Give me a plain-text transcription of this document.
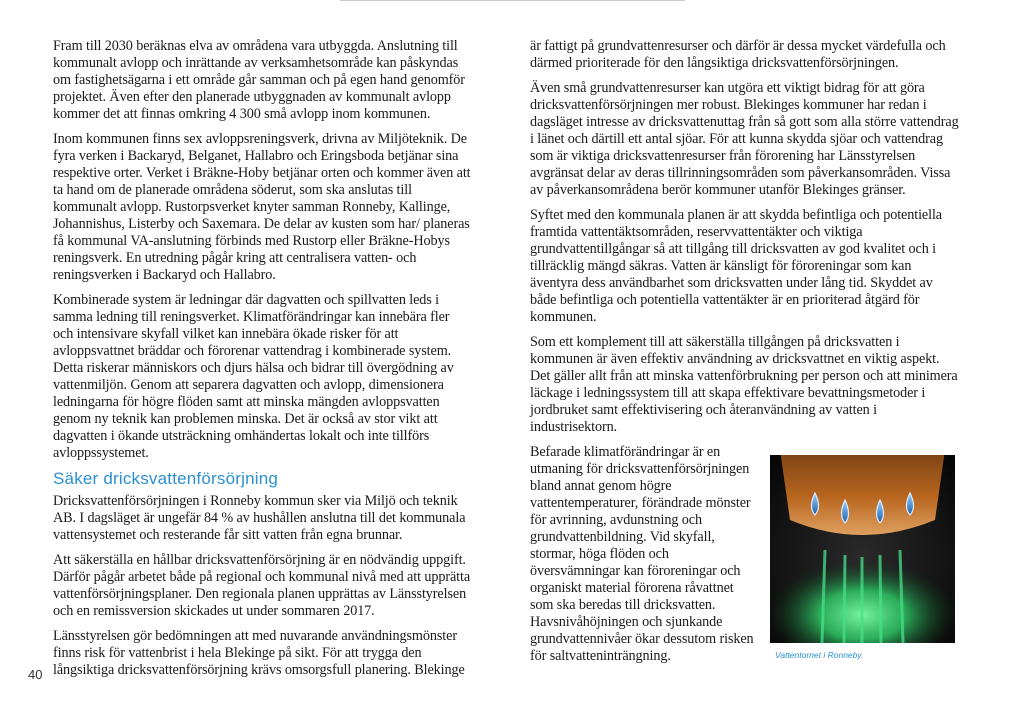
Fram till 2030 beräknas elva av områdena vara utbyggda. Anslutning till kommunalt avlopp och inrättande av verksamhetsområde kan påskyndas om fastighetsägarna i ett område går samman och på egen hand genomför projektet. Även efter den planerade utbyggnaden av kommunalt avlopp kommer det att finnas omkring 4 300 små avlopp inom kommunen.

Inom kommunen finns sex avloppsreningsverk, drivna av Miljöteknik. De fyra verken i Backaryd, Belganet, Hallabro och Eringsboda betjänar sina respektive orter. Verket i Bräkne-Hoby betjänar orten och kommer även att ta hand om de planerade områdena söderut, som ska anslutas till kommunalt avlopp. Rustorpsverket knyter samman Ronneby, Kallinge, Johannishus, Listerby och Saxemara. De delar av kusten som har/ planeras få kommunal VA-anslutning förbinds med Rustorp eller Bräkne-Hobys reningsverk. En utredning pågår kring att centralisera vatten- och reningsverken i Backaryd och Hallabro.

Kombinerade system är ledningar där dagvatten och spillvatten leds i samma ledning till reningsverket. Klimatförändringar kan innebära fler och intensivare skyfall vilket kan innebära ökade risker för att avloppsvattnet bräddar och förorenar vattendrag i kombinerade system. Detta riskerar människors och djurs hälsa och bidrar till övergödning av vattenmiljön. Genom att separera dagvatten och avlopp, dimensionera ledningarna för högre flöden samt att minska mängden avloppsvatten genom ny teknik kan problemen minska. Det är också av stor vikt att dagvatten i ökande utsträckning omhändertas lokalt och inte tillförs avloppssystemet.

Säker dricksvattenförsörjning

Dricksvattenförsörjningen i Ronneby kommun sker via Miljö och teknik AB. I dagsläget är ungefär 84 % av hushållen anslutna till det kommunala vattensystemet och resterande får sitt vatten från egna brunnar.

Att säkerställa en hållbar dricksvattenförsörjning är en nödvändig uppgift. Därför pågår arbetet både på regional och kommunal nivå med att upprätta vattenförsörjningsplaner. Den regionala planen upprättas av Länsstyrelsen och en remissversion skickades ut under sommaren 2017.

Länsstyrelsen gör bedömningen att med nuvarande användningsmönster finns risk för vattenbrist i hela Blekinge på sikt. För att trygga den långsiktiga dricksvattenförsörjning krävs omsorgsfull planering. Blekinge

är fattigt på grundvattenresurser och därför är dessa mycket värdefulla och därmed prioriterade för den långsiktiga dricksvattenförsörjningen.

Även små grundvattenresurser kan utgöra ett viktigt bidrag för att göra dricksvattenförsörjningen mer robust. Blekinges kommuner har redan i dagsläget intresse av dricksvattenuttag från så gott som alla större vattendrag i länet och därtill ett antal sjöar. För att kunna skydda sjöar och vattendrag som är viktiga dricksvattenresurser från förorening har Länsstyrelsen avgränsat delar av deras tillrinningsområden som påverkansområden. Vissa av påverkansområdena berör kommuner utanför Blekinges gränser.

Syftet med den kommunala planen är att skydda befintliga och potentiella framtida vattentäktsområden, reservvattentäkter och viktiga grundvattentillgångar så att tillgång till dricksvatten av god kvalitet och i tillräcklig mängd säkras. Vatten är känsligt för föroreningar som kan äventyra dess användbarhet som dricksvatten under lång tid. Skyddet av både befintliga och potentiella vattentäkter är en prioriterad åtgärd för kommunen.

Som ett komplement till att säkerställa tillgången på dricksvatten i kommunen är även effektiv användning av dricksvattnet en viktig aspekt. Det gäller allt från att minska vattenförbrukning per person och att minimera läckage i ledningssystem till att skapa effektivare bevattningsmetoder i jordbruket samt effektivisering och återanvändning av vatten i industrisektorn.

Befarade klimatförändringar är en utmaning för dricksvattenförsörjningen bland annat genom högre vattentemperaturer, förändrade mönster för avrinning, avdunstning och grundvattenbildning. Vid skyfall, stormar, höga flöden och översvämningar kan föroreningar och organiskt material förorena råvattnet som ska beredas till dricksvatten. Havsnivåhöjningen och sjunkande grundvattennivåer ökar dessutom risken för saltvatteninträngning.	Vattentornet i Ronneby.
40
